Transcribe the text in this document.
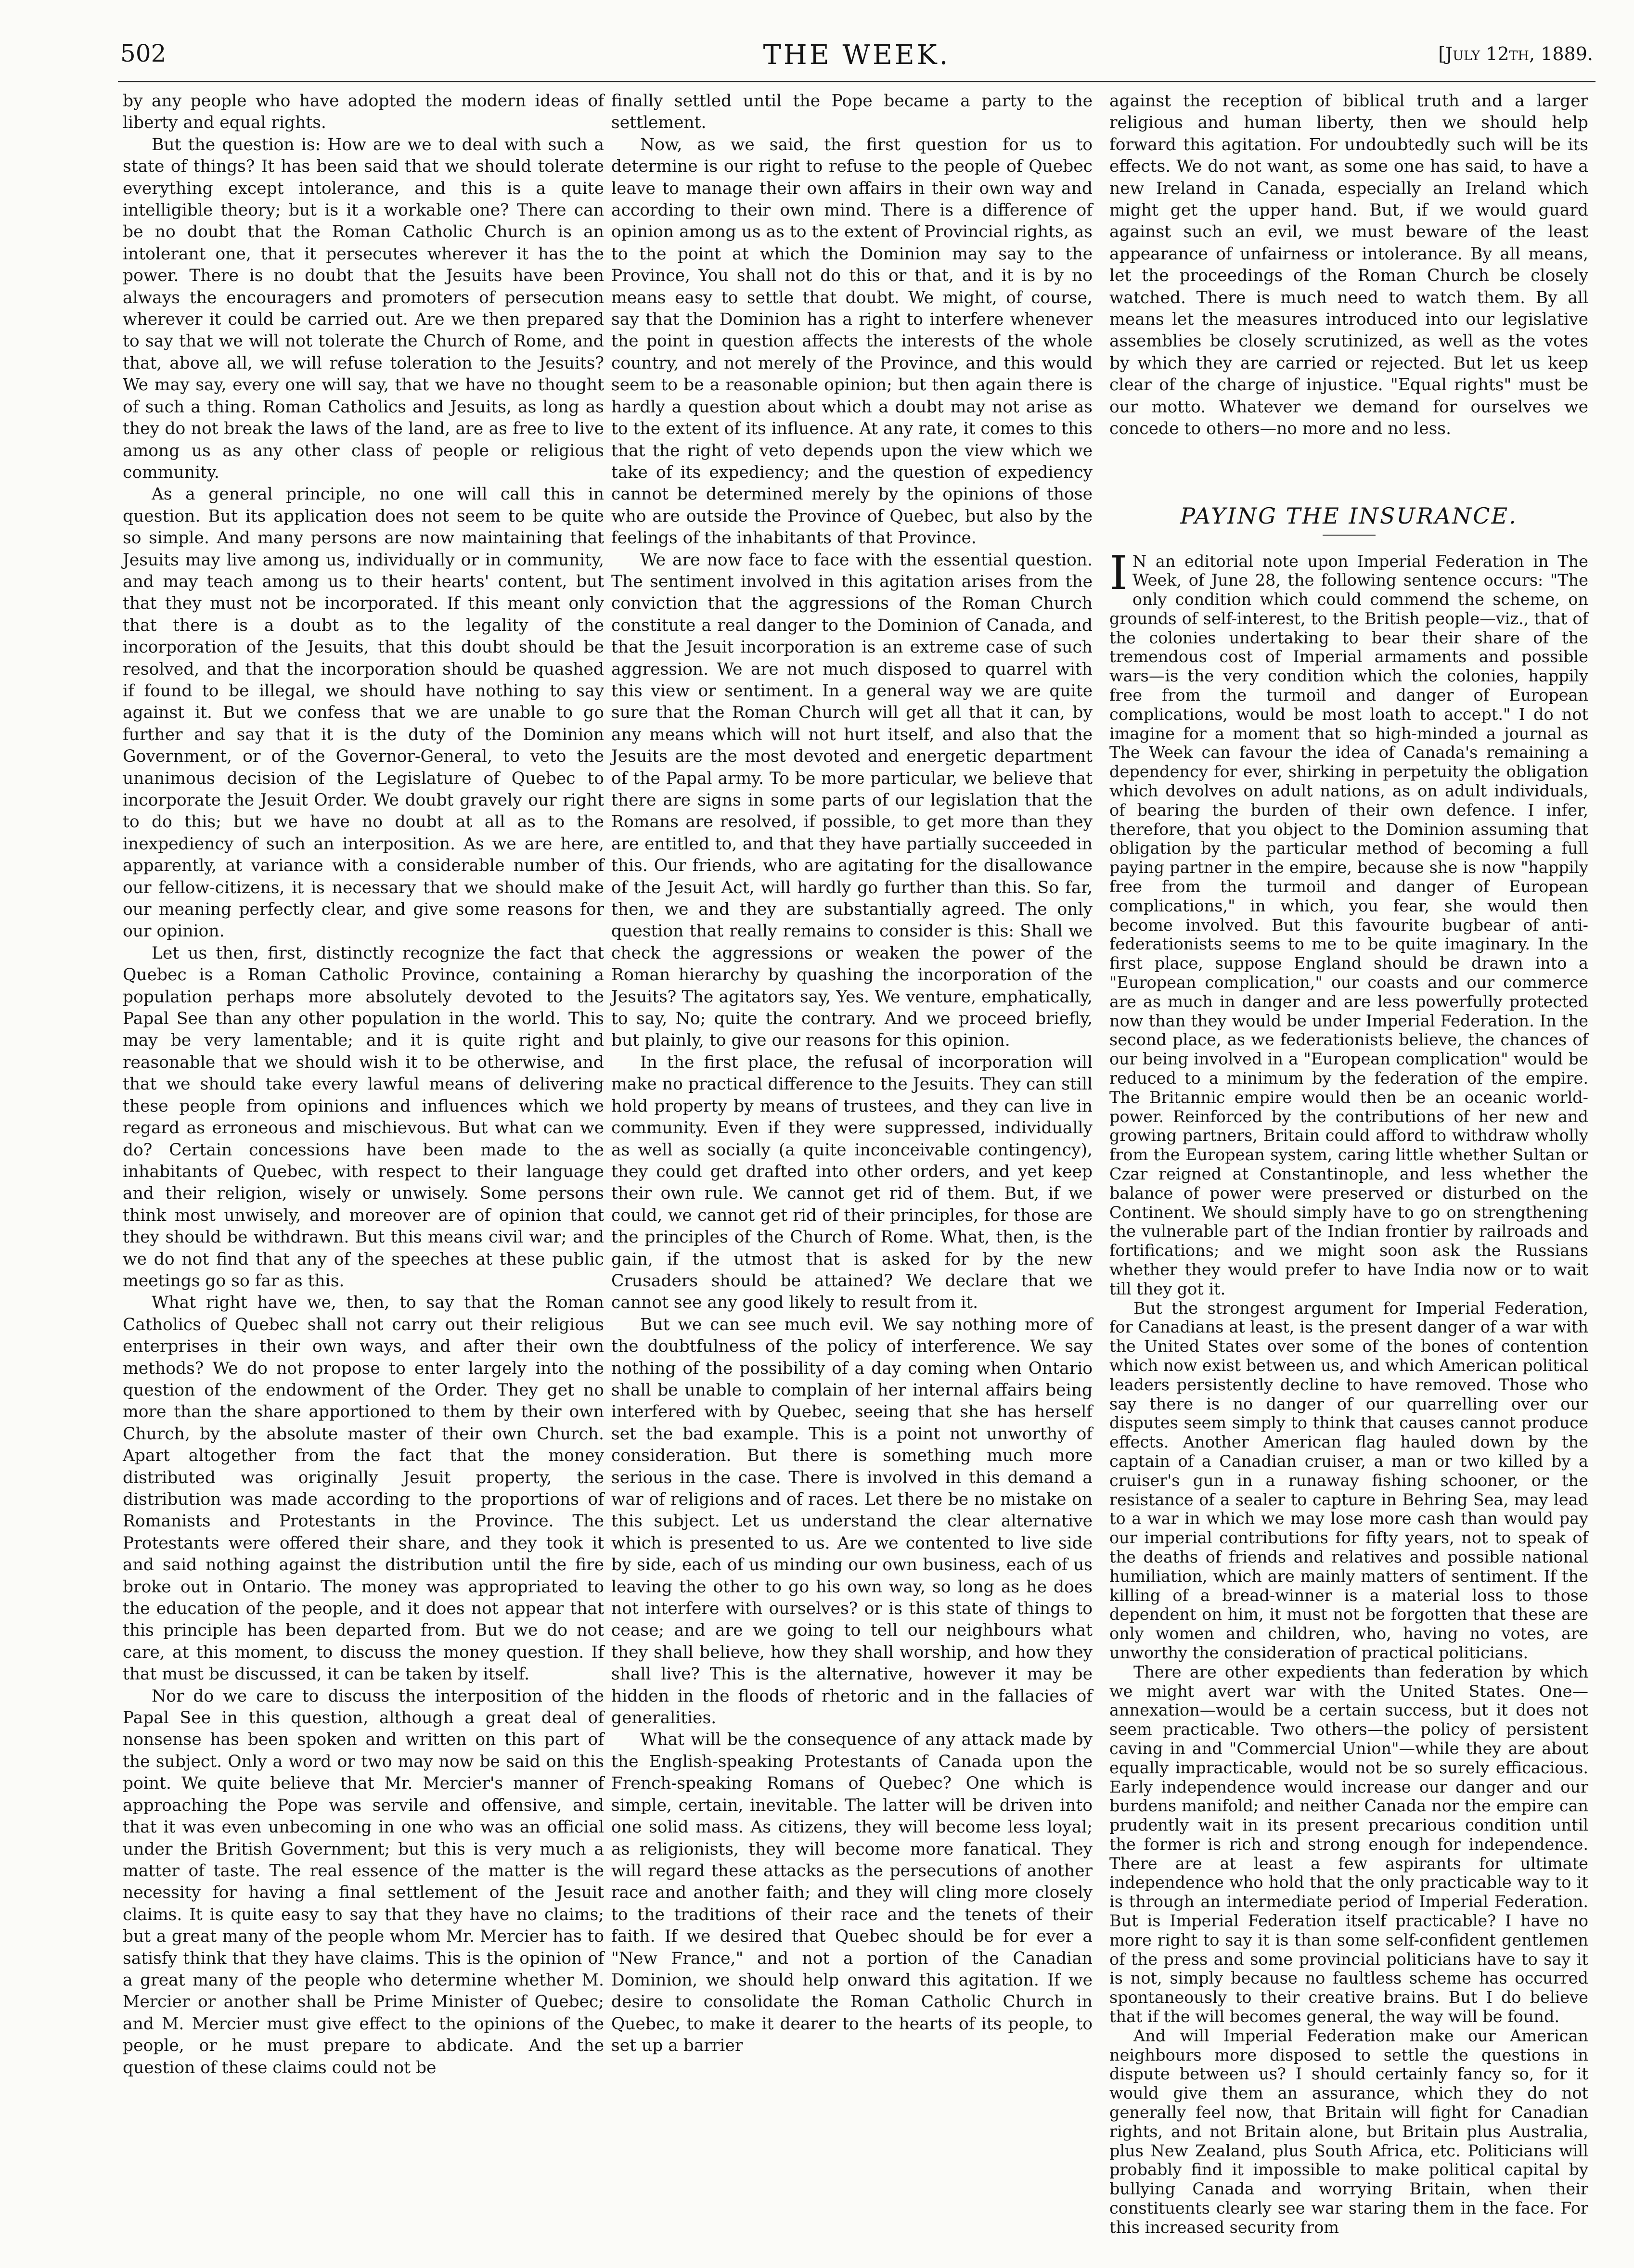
502	THE WEEK.	[July 12th, 1889.

by any people who have adopted the modern ideas of liberty and equal rights.

But the question is: How are we to deal with such a state of things? It has been said that we should tolerate everything except intolerance, and this is a quite intelligible theory; but is it a workable one? There can be no doubt that the Roman Catholic Church is an intolerant one, that it persecutes wherever it has the power. There is no doubt that the Jesuits have been always the encouragers and promoters of persecution wherever it could be carried out. Are we then prepared to say that we will not tolerate the Church of Rome, and that, above all, we will refuse toleration to the Jesuits? We may say, every one will say, that we have no thought of such a thing. Roman Catholics and Jesuits, as long as they do not break the laws of the land, are as free to live among us as any other class of people or religious community.

As a general principle, no one will call this in question. But its application does not seem to be quite so simple. And many persons are now maintaining that Jesuits may live among us, individually or in community, and may teach among us to their hearts' content, but that they must not be incorporated. If this meant only that there is a doubt as to the legality of the incorporation of the Jesuits, that this doubt should be resolved, and that the incorporation should be quashed if found to be illegal, we should have nothing to say against it. But we confess that we are unable to go further and say that it is the duty of the Dominion Government, or of the Governor-General, to veto the unanimous decision of the Legislature of Quebec to incorporate the Jesuit Order. We doubt gravely our right to do this; but we have no doubt at all as to the inexpediency of such an interposition. As we are here, apparently, at variance with a considerable number of our fellow-citizens, it is necessary that we should make our meaning perfectly clear, and give some reasons for our opinion.

Let us then, first, distinctly recognize the fact that Quebec is a Roman Catholic Province, containing a population perhaps more absolutely devoted to the Papal See than any other population in the world. This may be very lamentable; and it is quite right and reasonable that we should wish it to be otherwise, and that we should take every lawful means of delivering these people from opinions and influences which we regard as erroneous and mischievous. But what can we do? Certain concessions have been made to the inhabitants of Quebec, with respect to their language and their religion, wisely or unwisely. Some persons think most unwisely, and moreover are of opinion that they should be withdrawn. But this means civil war; and we do not find that any of the speeches at these public meetings go so far as this.

What right have we, then, to say that the Roman Catholics of Quebec shall not carry out their religious enterprises in their own ways, and after their own methods? We do not propose to enter largely into the question of the endowment of the Order. They get no more than the share apportioned to them by their own Church, by the absolute master of their own Church. Apart altogether from the fact that the money distributed was originally Jesuit property, the distribution was made according to the proportions of Romanists and Protestants in the Province. The Protestants were offered their share, and they took it and said nothing against the distribution until the fire broke out in Ontario. The money was appropriated to the education of the people, and it does not appear that this principle has been departed from. But we do not care, at this moment, to discuss the money question. If that must be discussed, it can be taken by itself.

Nor do we care to discuss the interposition of the Papal See in this question, although a great deal of nonsense has been spoken and written on this part of the subject. Only a word or two may now be said on this point. We quite believe that Mr. Mercier's manner of approaching the Pope was servile and offensive, and that it was even unbecoming in one who was an official under the British Government; but this is very much a matter of taste. The real essence of the matter is the necessity for having a final settlement of the Jesuit claims. It is quite easy to say that they have no claims; but a great many of the people whom Mr. Mercier has to satisfy think that they have claims. This is the opinion of a great many of the people who determine whether M. Mercier or another shall be Prime Minister of Quebec; and M. Mercier must give effect to the opinions of the people, or he must prepare to abdicate. And the question of these claims could not be

finally settled until the Pope became a party to the settlement.

Now, as we said, the first question for us to determine is our right to refuse to the people of Quebec leave to manage their own affairs in their own way and according to their own mind. There is a difference of opinion among us as to the extent of Provincial rights, as to the point at which the Dominion may say to the Province, You shall not do this or that, and it is by no means easy to settle that doubt. We might, of course, say that the Dominion has a right to interfere whenever the point in question affects the interests of the whole country, and not merely of the Province, and this would seem to be a reasonable opinion; but then again there is hardly a question about which a doubt may not arise as to the extent of its influence. At any rate, it comes to this that the right of veto depends upon the view which we take of its expediency; and the question of expediency cannot be determined merely by the opinions of those who are outside the Province of Quebec, but also by the feelings of the inhabitants of that Province.

We are now face to face with the essential question. The sentiment involved in this agitation arises from the conviction that the aggressions of the Roman Church constitute a real danger to the Dominion of Canada, and that the Jesuit incorporation is an extreme case of such aggression. We are not much disposed to quarrel with this view or sentiment. In a general way we are quite sure that the Roman Church will get all that it can, by any means which will not hurt itself, and also that the Jesuits are the most devoted and energetic department of the Papal army. To be more particular, we believe that there are signs in some parts of our legislation that the Romans are resolved, if possible, to get more than they are entitled to, and that they have partially succeeded in this. Our friends, who are agitating for the disallowance of the Jesuit Act, will hardly go further than this. So far, then, we and they are substantially agreed. The only question that really remains to consider is this: Shall we check the aggressions or weaken the power of the Roman hierarchy by quashing the incorporation of the Jesuits? The agitators say, Yes. We venture, emphatically, to say, No; quite the contrary. And we proceed briefly, but plainly, to give our reasons for this opinion.

In the first place, the refusal of incorporation will make no practical difference to the Jesuits. They can still hold property by means of trustees, and they can live in community. Even if they were suppressed, individually as well as socially (a quite inconceivable contingency), they could get drafted into other orders, and yet keep their own rule. We cannot get rid of them. But, if we could, we cannot get rid of their principles, for those are the principles of the Church of Rome. What, then, is the gain, if the utmost that is asked for by the new Crusaders should be attained? We declare that we cannot see any good likely to result from it.

But we can see much evil. We say nothing more of the doubtfulness of the policy of interference. We say nothing of the possibility of a day coming when Ontario shall be unable to complain of her internal affairs being interfered with by Quebec, seeing that she has herself set the bad example. This is a point not unworthy of consideration. But there is something much more serious in the case. There is involved in this demand a war of religions and of races. Let there be no mistake on this subject. Let us understand the clear alternative which is presented to us. Are we contented to live side by side, each of us minding our own business, each of us leaving the other to go his own way, so long as he does not interfere with ourselves? or is this state of things to cease; and are we going to tell our neighbours what they shall believe, how they shall worship, and how they shall live? This is the alternative, however it may be hidden in the floods of rhetoric and in the fallacies of generalities.

What will be the consequence of any attack made by the English-speaking Protestants of Canada upon the French-speaking Romans of Quebec? One which is simple, certain, inevitable. The latter will be driven into one solid mass. As citizens, they will become less loyal; as religionists, they will become more fanatical. They will regard these attacks as the persecutions of another race and another faith; and they will cling more closely to the traditions of their race and the tenets of their faith. If we desired that Quebec should be for ever a "New France," and not a portion of the Canadian Dominion, we should help onward this agitation. If we desire to consolidate the Roman Catholic Church in Quebec, to make it dearer to the hearts of its people, to set up a barrier

against the reception of biblical truth and a larger religious and human liberty, then we should help forward this agitation. For undoubtedly such will be its effects. We do not want, as some one has said, to have a new Ireland in Canada, especially an Ireland which might get the upper hand. But, if we would guard against such an evil, we must beware of the least appearance of unfairness or intolerance. By all means, let the proceedings of the Roman Church be closely watched. There is much need to watch them. By all means let the measures introduced into our legislative assemblies be closely scrutinized, as well as the votes by which they are carried or rejected. But let us keep clear of the charge of injustice. "Equal rights" must be our motto. Whatever we demand for ourselves we concede to others—no more and no less.

PAYING THE INSURANCE.

I N an editorial note upon Imperial Federation in The Week, of June 28, the following sentence occurs: "The only condition which could commend the scheme, on grounds of self-interest, to the British people—viz., that of the colonies undertaking to bear their share of the tremendous cost of Imperial armaments and possible wars—is the very condition which the colonies, happily free from the turmoil and danger of European complications, would be most loath to accept." I do not imagine for a moment that so high-minded a journal as The Week can favour the idea of Canada's remaining a dependency for ever, shirking in perpetuity the obligation which devolves on adult nations, as on adult individuals, of bearing the burden of their own defence. I infer, therefore, that you object to the Dominion assuming that obligation by the particular method of becoming a full paying partner in the empire, because she is now "happily free from the turmoil and danger of European complications," in which, you fear, she would then become involved. But this favourite bugbear of anti-federationists seems to me to be quite imaginary. In the first place, suppose England should be drawn into a "European complication," our coasts and our commerce are as much in danger and are less powerfully protected now than they would be under Imperial Federation. In the second place, as we federationists believe, the chances of our being involved in a "European complication" would be reduced to a minimum by the federation of the empire. The Britannic empire would then be an oceanic world-power. Reinforced by the contributions of her new and growing partners, Britain could afford to withdraw wholly from the European system, caring little whether Sultan or Czar reigned at Constantinople, and less whether the balance of power were preserved or disturbed on the Continent. We should simply have to go on strengthening the vulnerable part of the Indian frontier by railroads and fortifications; and we might soon ask the Russians whether they would prefer to have India now or to wait till they got it.

But the strongest argument for Imperial Federation, for Canadians at least, is the present danger of a war with the United States over some of the bones of contention which now exist between us, and which American political leaders persistently decline to have removed. Those who say there is no danger of our quarrelling over our disputes seem simply to think that causes cannot produce effects. Another American flag hauled down by the captain of a Canadian cruiser, a man or two killed by a cruiser's gun in a runaway fishing schooner, or the resistance of a sealer to capture in Behring Sea, may lead to a war in which we may lose more cash than would pay our imperial contributions for fifty years, not to speak of the deaths of friends and relatives and possible national humiliation, which are mainly matters of sentiment. If the killing of a bread-winner is a material loss to those dependent on him, it must not be forgotten that these are only women and children, who, having no votes, are unworthy the consideration of practical politicians.

There are other expedients than federation by which we might avert war with the United States. One—annexation—would be a certain success, but it does not seem practicable. Two others—the policy of persistent caving in and "Commercial Union"—while they are about equally impracticable, would not be so surely efficacious. Early independence would increase our danger and our burdens manifold; and neither Canada nor the empire can prudently wait in its present precarious condition until the former is rich and strong enough for independence. There are at least a few aspirants for ultimate independence who hold that the only practicable way to it is through an intermediate period of Imperial Federation. But is Imperial Federation itself practicable? I have no more right to say it is than some self-confident gentlemen of the press and some provincial politicians have to say it is not, simply because no faultless scheme has occurred spontaneously to their creative brains. But I do believe that if the will becomes general, the way will be found.

And will Imperial Federation make our American neighbours more disposed to settle the questions in dispute between us? I should certainly fancy so, for it would give them an assurance, which they do not generally feel now, that Britain will fight for Canadian rights, and not Britain alone, but Britain plus Australia, plus New Zealand, plus South Africa, etc. Politicians will probably find it impossible to make political capital by bullying Canada and worrying Britain, when their constituents clearly see war staring them in the face. For this increased security from
